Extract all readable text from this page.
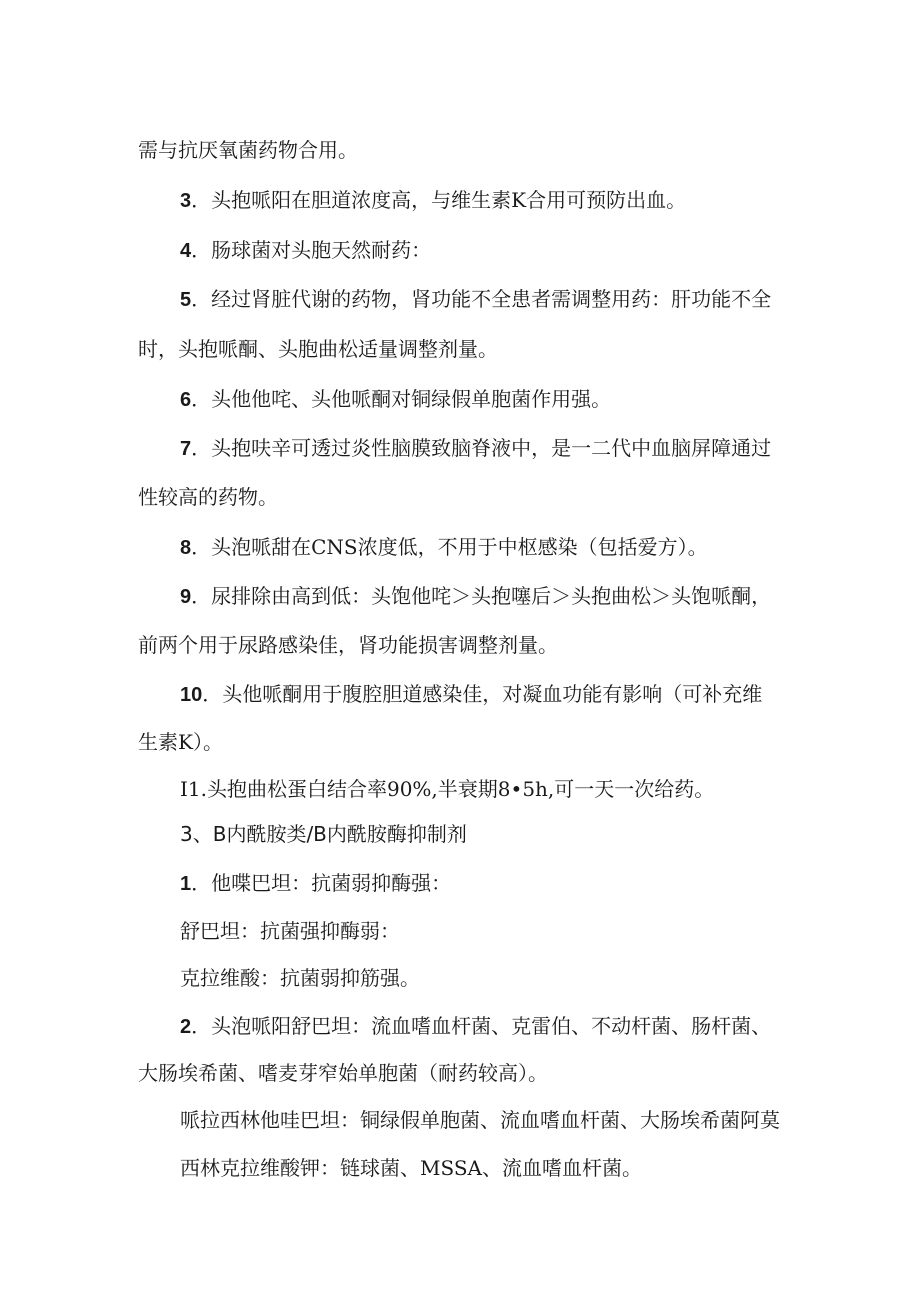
需与抗厌氧菌药物合用。

3．头抱哌阳在胆道浓度高，与维生素K合用可预防出血。

4．肠球菌对头胞天然耐药：

5．经过肾脏代谢的药物，肾功能不全患者需调整用药：肝功能不全

时，头抱哌酮、头胞曲松适量调整剂量。

6．头他他咤、头他哌酮对铜绿假单胞菌作用强。

7．头抱呋辛可透过炎性脑膜致脑脊液中，是一二代中血脑屏障通过

性较高的药物。

8．头泡哌甜在CNS浓度低，不用于中枢感染（包括爱方）。

9．尿排除由高到低：头饱他咤＞头抱噻后＞头抱曲松＞头饱哌酮，

前两个用于尿路感染佳，肾功能损害调整剂量。

10．头他哌酮用于腹腔胆道感染佳，对凝血功能有影响（可补充维

生素K）。

I1.头抱曲松蛋白结合率90%,半衰期8•5h,可一天一次给药。

3、B内酰胺类/B内酰胺酶抑制剂

1．他喋巴坦：抗菌弱抑酶强：

舒巴坦：抗菌强抑酶弱：

克拉维酸：抗菌弱抑筋强。

2．头泡哌阳舒巴坦：流血嗜血杆菌、克雷伯、不动杆菌、肠杆菌、

大肠埃希菌、嗜麦芽窄始单胞菌（耐药较高）。

哌拉西林他哇巴坦：铜绿假单胞菌、流血嗜血杆菌、大肠埃希菌阿莫

西林克拉维酸钾：链球菌、MSSA、流血嗜血杆菌。
